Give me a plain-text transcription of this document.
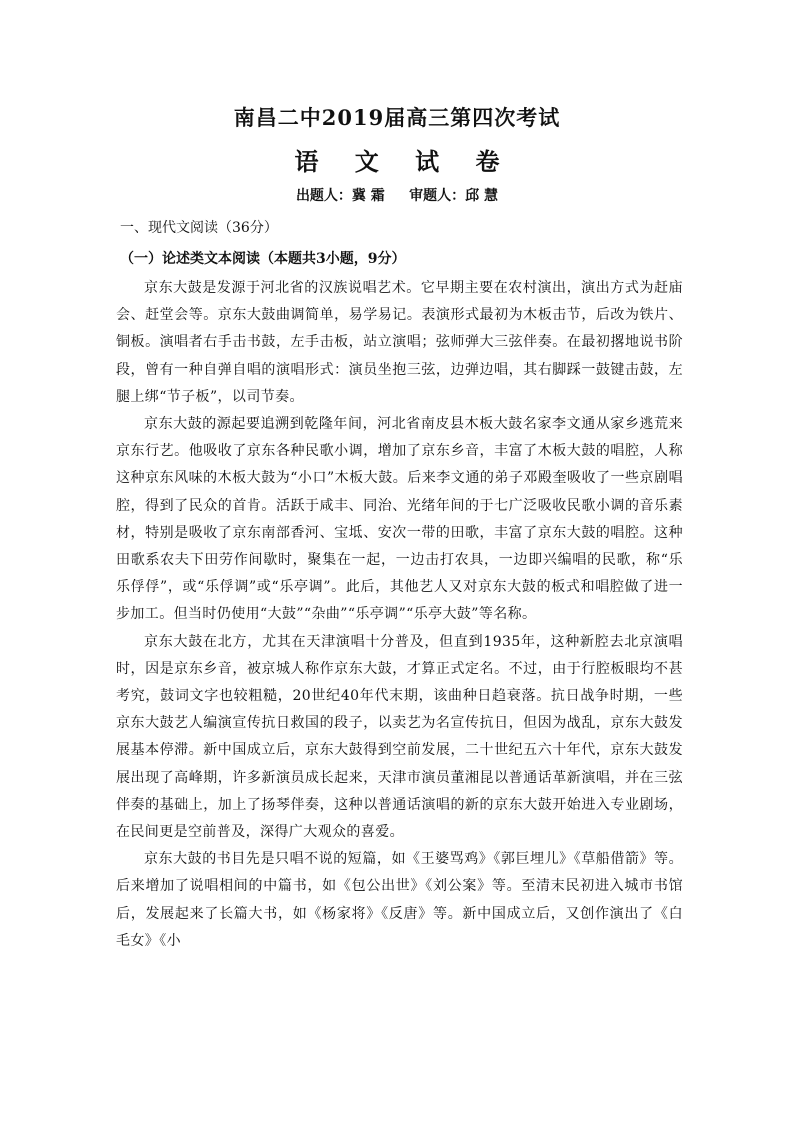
南昌二中2019届高三第四次考试
语 文 试 卷
出题人：冀 霜     审题人：邱 慧
一、现代文阅读（36分）
（一）论述类文本阅读（本题共3小题，9分）

京东大鼓是发源于河北省的汉族说唱艺术。它早期主要在农村演出，演出方式为赶庙会、赶堂会等。京东大鼓曲调简单，易学易记。表演形式最初为木板击节，后改为铁片、铜板。演唱者右手击书鼓，左手击板，站立演唱；弦师弹大三弦伴奏。在最初撂地说书阶段，曾有一种自弹自唱的演唱形式：演员坐抱三弦，边弹边唱，其右脚踩一鼓键击鼓，左腿上绑“节子板”，以司节奏。

京东大鼓的源起要追溯到乾隆年间，河北省南皮县木板大鼓名家李文通从家乡逃荒来京东行艺。他吸收了京东各种民歌小调，增加了京东乡音，丰富了木板大鼓的唱腔，人称这种京东风味的木板大鼓为“小口”木板大鼓。后来李文通的弟子邓殿奎吸收了一些京剧唱腔，得到了民众的首肯。活跃于咸丰、同治、光绪年间的于七广泛吸收民歌小调的音乐素材，特别是吸收了京东南部香河、宝坻、安次一带的田歌，丰富了京东大鼓的唱腔。这种田歌系农夫下田劳作间歇时，聚集在一起，一边击打农具，一边即兴编唱的民歌，称“乐乐俘俘”，或“乐俘调”或“乐亭调”。此后，其他艺人又对京东大鼓的板式和唱腔做了进一步加工。但当时仍使用“大鼓”“杂曲”“乐亭调”“乐亭大鼓”等名称。

京东大鼓在北方，尤其在天津演唱十分普及，但直到1935年，这种新腔去北京演唱时，因是京东乡音，被京城人称作京东大鼓，才算正式定名。不过，由于行腔板眼均不甚考究，鼓词文字也较粗糙，20世纪40年代末期，该曲种日趋衰落。抗日战争时期，一些京东大鼓艺人编演宣传抗日救国的段子，以卖艺为名宣传抗日，但因为战乱，京东大鼓发展基本停滞。新中国成立后，京东大鼓得到空前发展，二十世纪五六十年代，京东大鼓发展出现了高峰期，许多新演员成长起来，天津市演员董湘昆以普通话革新演唱，并在三弦伴奏的基础上，加上了扬琴伴奏，这种以普通话演唱的新的京东大鼓开始进入专业剧场，在民间更是空前普及，深得广大观众的喜爱。

京东大鼓的书目先是只唱不说的短篇，如《王婆骂鸡》《郭巨埋儿》《草船借箭》等。后来增加了说唱相间的中篇书，如《包公出世》《刘公案》等。至清末民初进入城市书馆后，发展起来了长篇大书，如《杨家将》《反唐》等。新中国成立后，又创作演出了《白毛女》《小
